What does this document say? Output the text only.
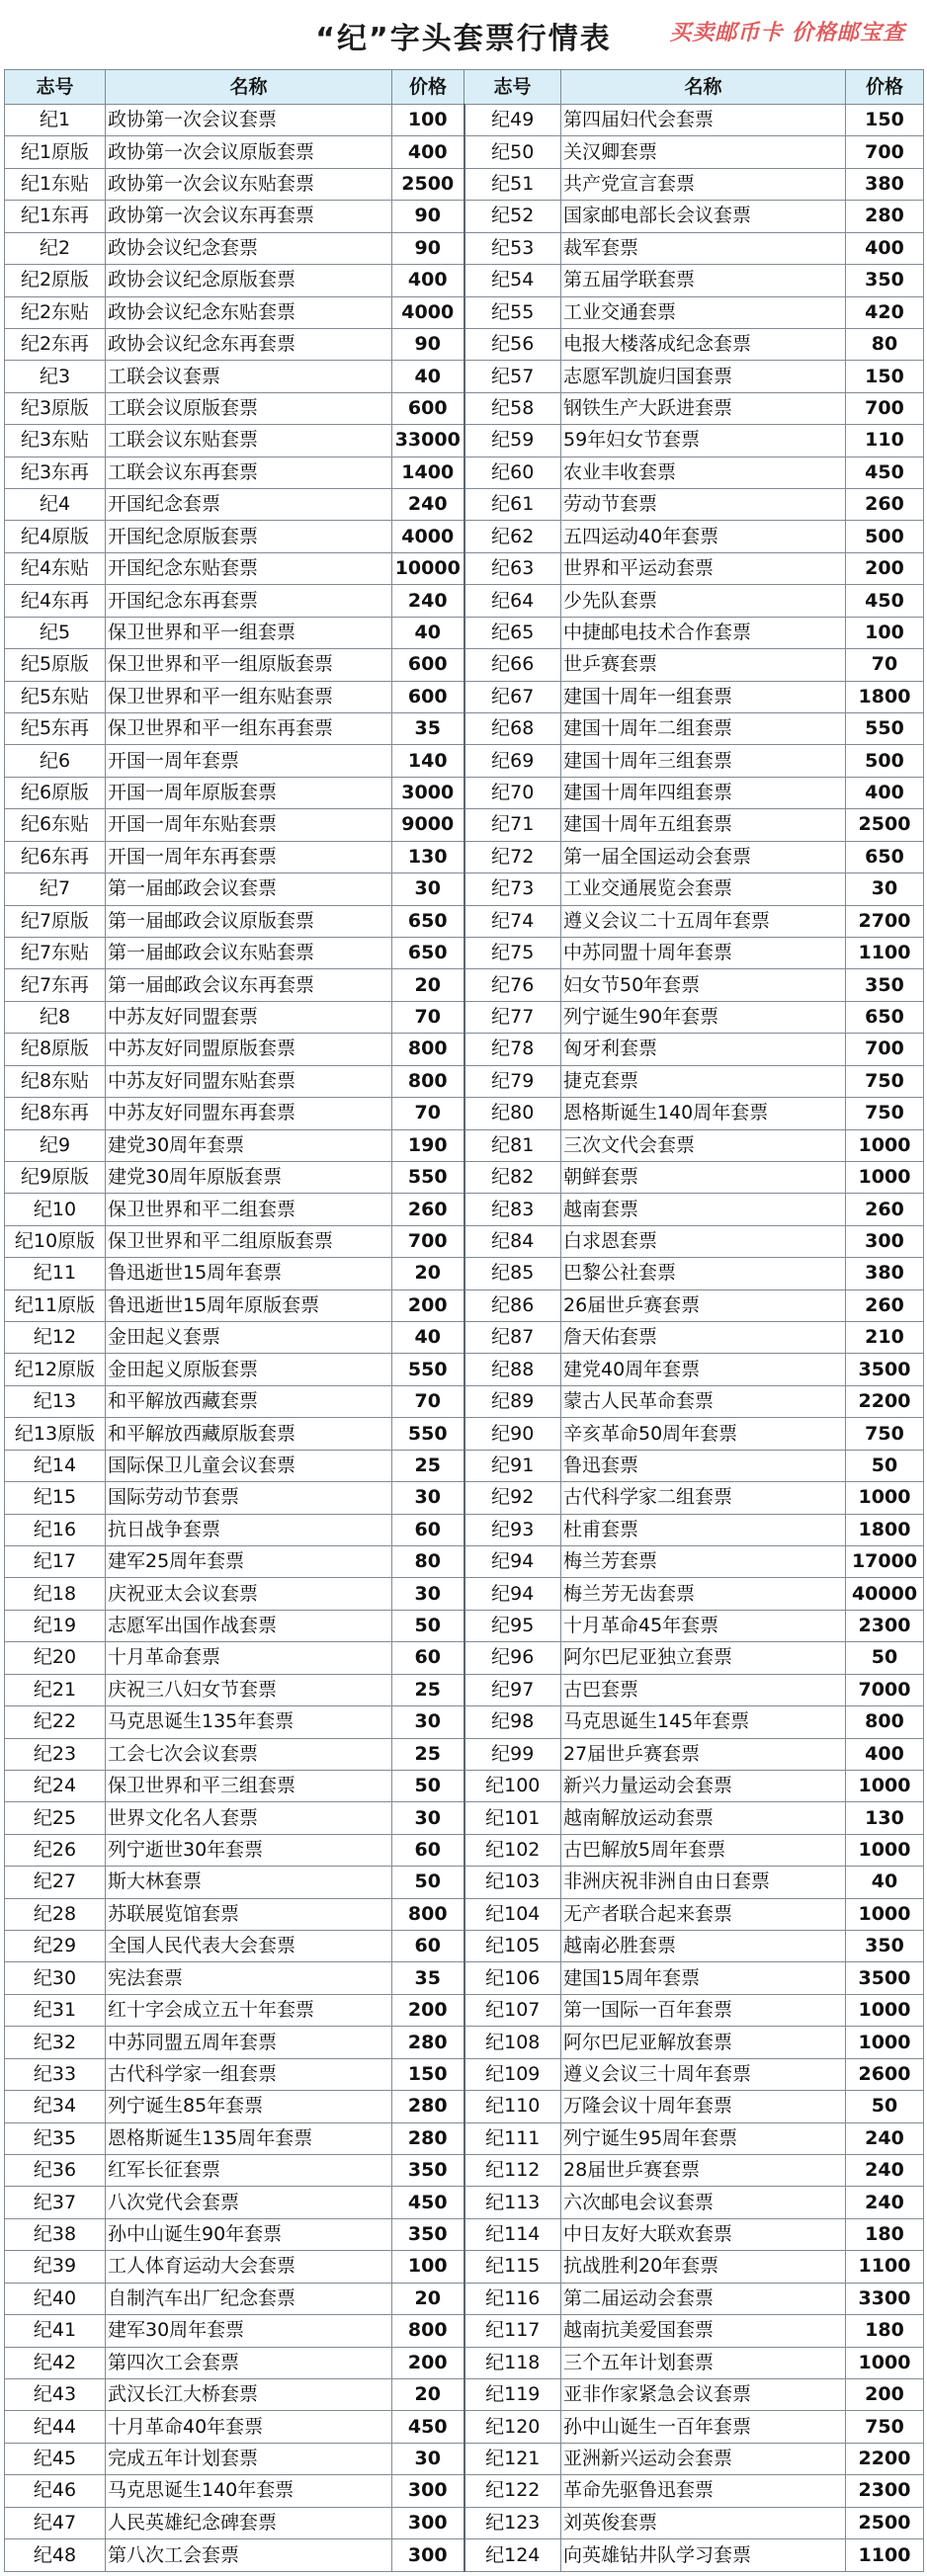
“纪”字头套票行情表	买卖邮币卡 价格邮宝查
志号	名称	价格	志号	名称	价格
纪1	政协第一次会议套票	100	纪49	第四届妇代会套票	150
纪1原版	政协第一次会议原版套票	400	纪50	关汉卿套票	700
纪1东贴	政协第一次会议东贴套票	2500	纪51	共产党宣言套票	380
纪1东再	政协第一次会议东再套票	90	纪52	国家邮电部长会议套票	280
纪2	政协会议纪念套票	90	纪53	裁军套票	400
纪2原版	政协会议纪念原版套票	400	纪54	第五届学联套票	350
纪2东贴	政协会议纪念东贴套票	4000	纪55	工业交通套票	420
纪2东再	政协会议纪念东再套票	90	纪56	电报大楼落成纪念套票	80
纪3	工联会议套票	40	纪57	志愿军凯旋归国套票	150
纪3原版	工联会议原版套票	600	纪58	钢铁生产大跃进套票	700
纪3东贴	工联会议东贴套票	33000	纪59	59年妇女节套票	110
纪3东再	工联会议东再套票	1400	纪60	农业丰收套票	450
纪4	开国纪念套票	240	纪61	劳动节套票	260
纪4原版	开国纪念原版套票	4000	纪62	五四运动40年套票	500
纪4东贴	开国纪念东贴套票	10000	纪63	世界和平运动套票	200
纪4东再	开国纪念东再套票	240	纪64	少先队套票	450
纪5	保卫世界和平一组套票	40	纪65	中捷邮电技术合作套票	100
纪5原版	保卫世界和平一组原版套票	600	纪66	世乒赛套票	70
纪5东贴	保卫世界和平一组东贴套票	600	纪67	建国十周年一组套票	1800
纪5东再	保卫世界和平一组东再套票	35	纪68	建国十周年二组套票	550
纪6	开国一周年套票	140	纪69	建国十周年三组套票	500
纪6原版	开国一周年原版套票	3000	纪70	建国十周年四组套票	400
纪6东贴	开国一周年东贴套票	9000	纪71	建国十周年五组套票	2500
纪6东再	开国一周年东再套票	130	纪72	第一届全国运动会套票	650
纪7	第一届邮政会议套票	30	纪73	工业交通展览会套票	30
纪7原版	第一届邮政会议原版套票	650	纪74	遵义会议二十五周年套票	2700
纪7东贴	第一届邮政会议东贴套票	650	纪75	中苏同盟十周年套票	1100
纪7东再	第一届邮政会议东再套票	20	纪76	妇女节50年套票	350
纪8	中苏友好同盟套票	70	纪77	列宁诞生90年套票	650
纪8原版	中苏友好同盟原版套票	800	纪78	匈牙利套票	700
纪8东贴	中苏友好同盟东贴套票	800	纪79	捷克套票	750
纪8东再	中苏友好同盟东再套票	70	纪80	恩格斯诞生140周年套票	750
纪9	建党30周年套票	190	纪81	三次文代会套票	1000
纪9原版	建党30周年原版套票	550	纪82	朝鲜套票	1000
纪10	保卫世界和平二组套票	260	纪83	越南套票	260
纪10原版	保卫世界和平二组原版套票	700	纪84	白求恩套票	300
纪11	鲁迅逝世15周年套票	20	纪85	巴黎公社套票	380
纪11原版	鲁迅逝世15周年原版套票	200	纪86	26届世乒赛套票	260
纪12	金田起义套票	40	纪87	詹天佑套票	210
纪12原版	金田起义原版套票	550	纪88	建党40周年套票	3500
纪13	和平解放西藏套票	70	纪89	蒙古人民革命套票	2200
纪13原版	和平解放西藏原版套票	550	纪90	辛亥革命50周年套票	750
纪14	国际保卫儿童会议套票	25	纪91	鲁迅套票	50
纪15	国际劳动节套票	30	纪92	古代科学家二组套票	1000
纪16	抗日战争套票	60	纪93	杜甫套票	1800
纪17	建军25周年套票	80	纪94	梅兰芳套票	17000
纪18	庆祝亚太会议套票	30	纪94	梅兰芳无齿套票	40000
纪19	志愿军出国作战套票	50	纪95	十月革命45年套票	2300
纪20	十月革命套票	60	纪96	阿尔巴尼亚独立套票	50
纪21	庆祝三八妇女节套票	25	纪97	古巴套票	7000
纪22	马克思诞生135年套票	30	纪98	马克思诞生145年套票	800
纪23	工会七次会议套票	25	纪99	27届世乒赛套票	400
纪24	保卫世界和平三组套票	50	纪100	新兴力量运动会套票	1000
纪25	世界文化名人套票	30	纪101	越南解放运动套票	130
纪26	列宁逝世30年套票	60	纪102	古巴解放5周年套票	1000
纪27	斯大林套票	50	纪103	非洲庆祝非洲自由日套票	40
纪28	苏联展览馆套票	800	纪104	无产者联合起来套票	1000
纪29	全国人民代表大会套票	60	纪105	越南必胜套票	350
纪30	宪法套票	35	纪106	建国15周年套票	3500
纪31	红十字会成立五十年套票	200	纪107	第一国际一百年套票	1000
纪32	中苏同盟五周年套票	280	纪108	阿尔巴尼亚解放套票	1000
纪33	古代科学家一组套票	150	纪109	遵义会议三十周年套票	2600
纪34	列宁诞生85年套票	280	纪110	万隆会议十周年套票	50
纪35	恩格斯诞生135周年套票	280	纪111	列宁诞生95周年套票	240
纪36	红军长征套票	350	纪112	28届世乒赛套票	240
纪37	八次党代会套票	450	纪113	六次邮电会议套票	240
纪38	孙中山诞生90年套票	350	纪114	中日友好大联欢套票	180
纪39	工人体育运动大会套票	100	纪115	抗战胜利20年套票	1100
纪40	自制汽车出厂纪念套票	20	纪116	第二届运动会套票	3300
纪41	建军30周年套票	800	纪117	越南抗美爱国套票	180
纪42	第四次工会套票	200	纪118	三个五年计划套票	1000
纪43	武汉长江大桥套票	20	纪119	亚非作家紧急会议套票	200
纪44	十月革命40年套票	450	纪120	孙中山诞生一百年套票	750
纪45	完成五年计划套票	30	纪121	亚洲新兴运动会套票	2200
纪46	马克思诞生140年套票	300	纪122	革命先驱鲁迅套票	2300
纪47	人民英雄纪念碑套票	300	纪123	刘英俊套票	2500
纪48	第八次工会套票	300	纪124	向英雄钻井队学习套票	1100
